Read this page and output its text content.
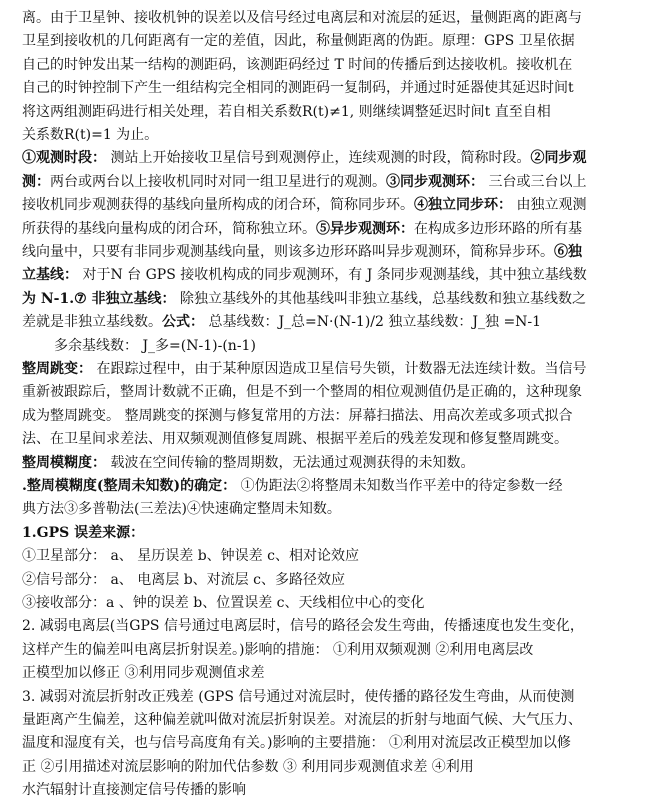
离。由于卫星钟、接收机钟的误差以及信号经过电离层和对流层的延迟，量侧距离的距离与
卫星到接收机的几何距离有一定的差值，因此，称量侧距离的伪距。原理：GPS 卫星依据
自己的时钟发出某一结构的测距码，该测距码经过 T 时间的传播后到达接收机。接收机在
自己的时钟控制下产生一组结构完全相同的测距码一复制码，并通过时延器使其延迟时间t
将这两组测距码进行相关处理，若自相关系数R(t)≠1, 则继续调整延迟时间t 直至自相
关系数R(t)=1 为止。
①观测时段： 测站上开始接收卫星信号到观测停止，连续观测的时段，简称时段。②同步观
测：两台或两台以上接收机同时对同一组卫星进行的观测。③同步观测环： 三台或三台以上
接收机同步观测获得的基线向量所构成的闭合环，简称同步环。④独立同步环： 由独立观测
所获得的基线向量构成的闭合环，简称独立环。⑤异步观测环：在构成多边形环路的所有基
线向量中，只要有非同步观测基线向量，则该多边形环路叫异步观测环，简称异步环。⑥独
立基线： 对于N 台 GPS 接收机构成的同步观测环，有 J 条同步观测基线，其中独立基线数
为 N-1.⑦ 非独立基线： 除独立基线外的其他基线叫非独立基线，总基线数和独立基线数之
差就是非独立基线数。公式： 总基线数：J_总=N·(N-1)/2 独立基线数：J_独 =N-1
多余基线数： J_多=(N-1)-(n-1)
整周跳变： 在跟踪过程中，由于某种原因造成卫星信号失锁，计数器无法连续计数。当信号
重新被跟踪后，整周计数就不正确，但是不到一个整周的相位观测值仍是正确的，这种现象
成为整周跳变。 整周跳变的探测与修复常用的方法：屏幕扫描法、用高次差或多项式拟合
法、在卫星间求差法、用双频观测值修复周跳、根据平差后的残差发现和修复整周跳变。
整周模糊度： 载波在空间传输的整周期数，无法通过观测获得的未知数。
.整周模糊度(整周未知数)的确定： ①伪距法②将整周未知数当作平差中的待定参数一经
典方法③多普勒法(三差法)④快速确定整周未知数。
1.GPS 误差来源：
①卫星部分： a、 星历误差 b、钟误差 c、相对论效应
②信号部分： a、 电离层 b、对流层 c、多路径效应
③接收部分：a 、钟的误差 b、位置误差 c、天线相位中心的变化
2. 减弱电离层(当GPS 信号通过电离层时，信号的路径会发生弯曲，传播速度也发生变化，
这样产生的偏差叫电离层折射误差。)影响的措施： ①利用双频观测 ②利用电离层改
正模型加以修正 ③利用同步观测值求差
3. 减弱对流层折射改正残差 (GPS 信号通过对流层时，使传播的路径发生弯曲，从而使测
量距离产生偏差，这种偏差就叫做对流层折射误差。对流层的折射与地面气候、大气压力、
温度和湿度有关，也与信号高度角有关。)影响的主要措施： ①利用对流层改正模型加以修
正 ②引用描述对流层影响的附加代估参数 ③ 利用同步观测值求差 ④利用
水汽辐射计直接测定信号传播的影响
